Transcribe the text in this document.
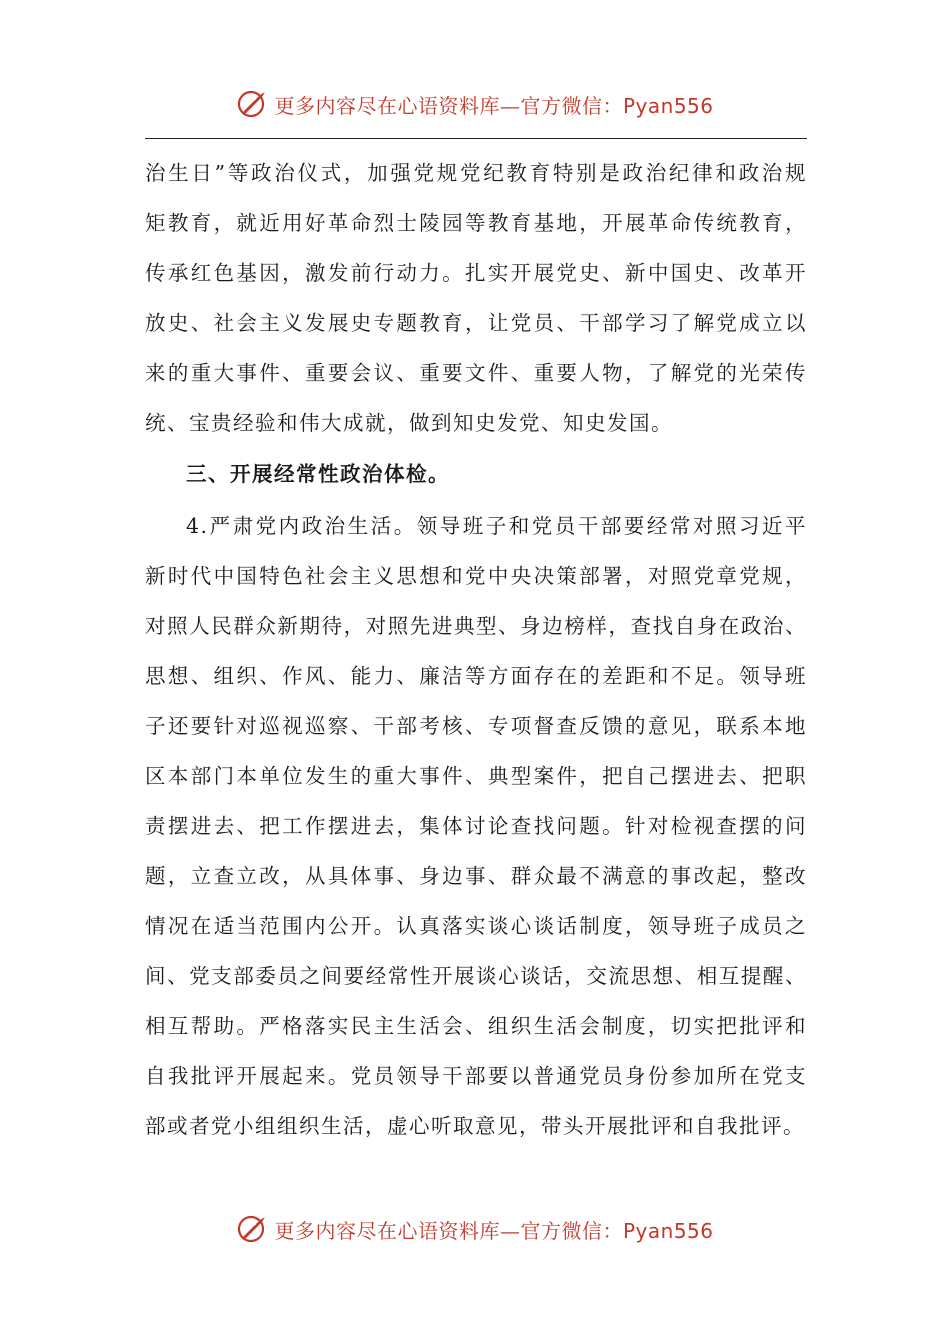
更多内容尽在心语资料库—官方微信：Pyan556
治生日”等政治仪式，加强党规党纪教育特别是政治纪律和政治规
矩教育，就近用好革命烈士陵园等教育基地，开展革命传统教育，
传承红色基因，激发前行动力。扎实开展党史、新中国史、改革开
放史、社会主义发展史专题教育，让党员、干部学习了解党成立以
来的重大事件、重要会议、重要文件、重要人物，了解党的光荣传
统、宝贵经验和伟大成就，做到知史发党、知史发国。
三、开展经常性政治体检。
4.严肃党内政治生活。领导班子和党员干部要经常对照习近平
新时代中国特色社会主义思想和党中央决策部署，对照党章党规，
对照人民群众新期待，对照先进典型、身边榜样，查找自身在政治、
思想、组织、作风、能力、廉洁等方面存在的差距和不足。领导班
子还要针对巡视巡察、干部考核、专项督查反馈的意见，联系本地
区本部门本单位发生的重大事件、典型案件，把自己摆进去、把职
责摆进去、把工作摆进去，集体讨论查找问题。针对检视查摆的问
题，立查立改，从具体事、身边事、群众最不满意的事改起，整改
情况在适当范围内公开。认真落实谈心谈话制度，领导班子成员之
间、党支部委员之间要经常性开展谈心谈话，交流思想、相互提醒、
相互帮助。严格落实民主生活会、组织生活会制度，切实把批评和
自我批评开展起来。党员领导干部要以普通党员身份参加所在党支
部或者党小组组织生活，虚心听取意见，带头开展批评和自我批评。
更多内容尽在心语资料库—官方微信：Pyan556
